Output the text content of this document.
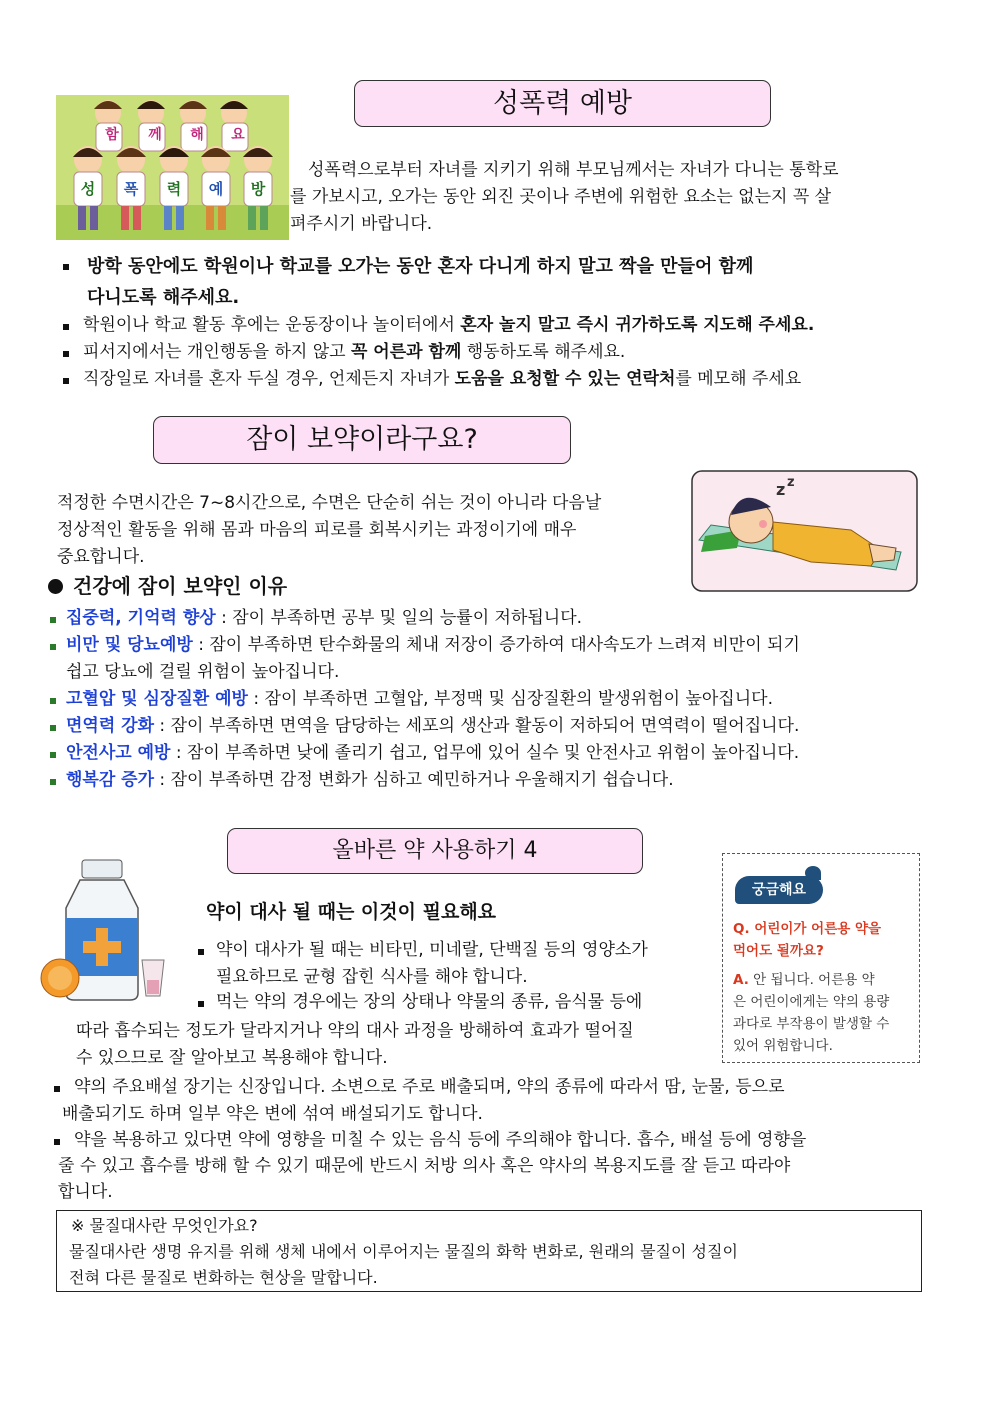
성폭력 예방
함 께 해 요
성 폭 력 예 방
성폭력으로부터 자녀를 지키기 위해 부모님께서는 자녀가 다니는 통학로
를 가보시고, 오가는 동안 외진 곳이나 주변에 위험한 요소는 없는지 꼭 살
펴주시기 바랍니다.
방학 동안에도 학원이나 학교를 오가는 동안 혼자 다니게 하지 말고 짝을 만들어 함께
다니도록 해주세요.
학원이나 학교 활동 후에는 운동장이나 놀이터에서 혼자 놀지 말고 즉시 귀가하도록 지도해 주세요.
피서지에서는 개인행동을 하지 않고 꼭 어른과 함께 행동하도록 해주세요.
직장일로 자녀를 혼자 두실 경우, 언제든지 자녀가 도움을 요청할 수 있는 연락처를 메모해 주세요
잠이 보약이라구요?
적정한 수면시간은 7~8시간으로, 수면은 단순히 쉬는 것이 아니라 다음날
정상적인 활동을 위해 몸과 마음의 피로를 회복시키는 과정이기에 매우
중요합니다.
z z
건강에 잠이 보약인 이유
집중력, 기억력 향상 : 잠이 부족하면 공부 및 일의 능률이 저하됩니다.
비만 및 당뇨예방 : 잠이 부족하면 탄수화물의 체내 저장이 증가하여 대사속도가 느려져 비만이 되기
쉽고 당뇨에 걸릴 위험이 높아집니다.
고혈압 및 심장질환 예방 : 잠이 부족하면 고혈압, 부정맥 및 심장질환의 발생위험이 높아집니다.
면역력 강화 : 잠이 부족하면 면역을 담당하는 세포의 생산과 활동이 저하되어 면역력이 떨어집니다.
안전사고 예방 : 잠이 부족하면 낮에 졸리기 쉽고, 업무에 있어 실수 및 안전사고 위험이 높아집니다.
행복감 증가 : 잠이 부족하면 감정 변화가 심하고 예민하거나 우울해지기 쉽습니다.
올바른 약 사용하기 4
약이 대사 될 때는 이것이 필요해요
약이 대사가 될 때는 비타민, 미네랄, 단백질 등의 영양소가
필요하므로 균형 잡힌 식사를 해야 합니다.
먹는 약의 경우에는 장의 상태나 약물의 종류, 음식물 등에
따라 흡수되는 정도가 달라지거나 약의 대사 과정을 방해하여 효과가 떨어질
수 있으므로 잘 알아보고 복용해야 합니다.
궁금해요
Q. 어린이가 어른용 약을
먹어도 될까요?
A. 안 됩니다. 어른용 약
은 어린이에게는 약의 용량
과다로 부작용이 발생할 수
있어 위험합니다.
약의 주요배설 장기는 신장입니다. 소변으로 주로 배출되며, 약의 종류에 따라서 땀, 눈물, 등으로
배출되기도 하며 일부 약은 변에 섞여 배설되기도 합니다.
약을 복용하고 있다면 약에 영향을 미칠 수 있는 음식 등에 주의해야 합니다. 흡수, 배설 등에 영향을
줄 수 있고 흡수를 방해 할 수 있기 때문에 반드시 처방 의사 혹은 약사의 복용지도를 잘 듣고 따라야
합니다.
※ 물질대사란 무엇인가요?
물질대사란 생명 유지를 위해 생체 내에서 이루어지는 물질의 화학 변화로, 원래의 물질이 성질이
전혀 다른 물질로 변화하는 현상을 말합니다.
